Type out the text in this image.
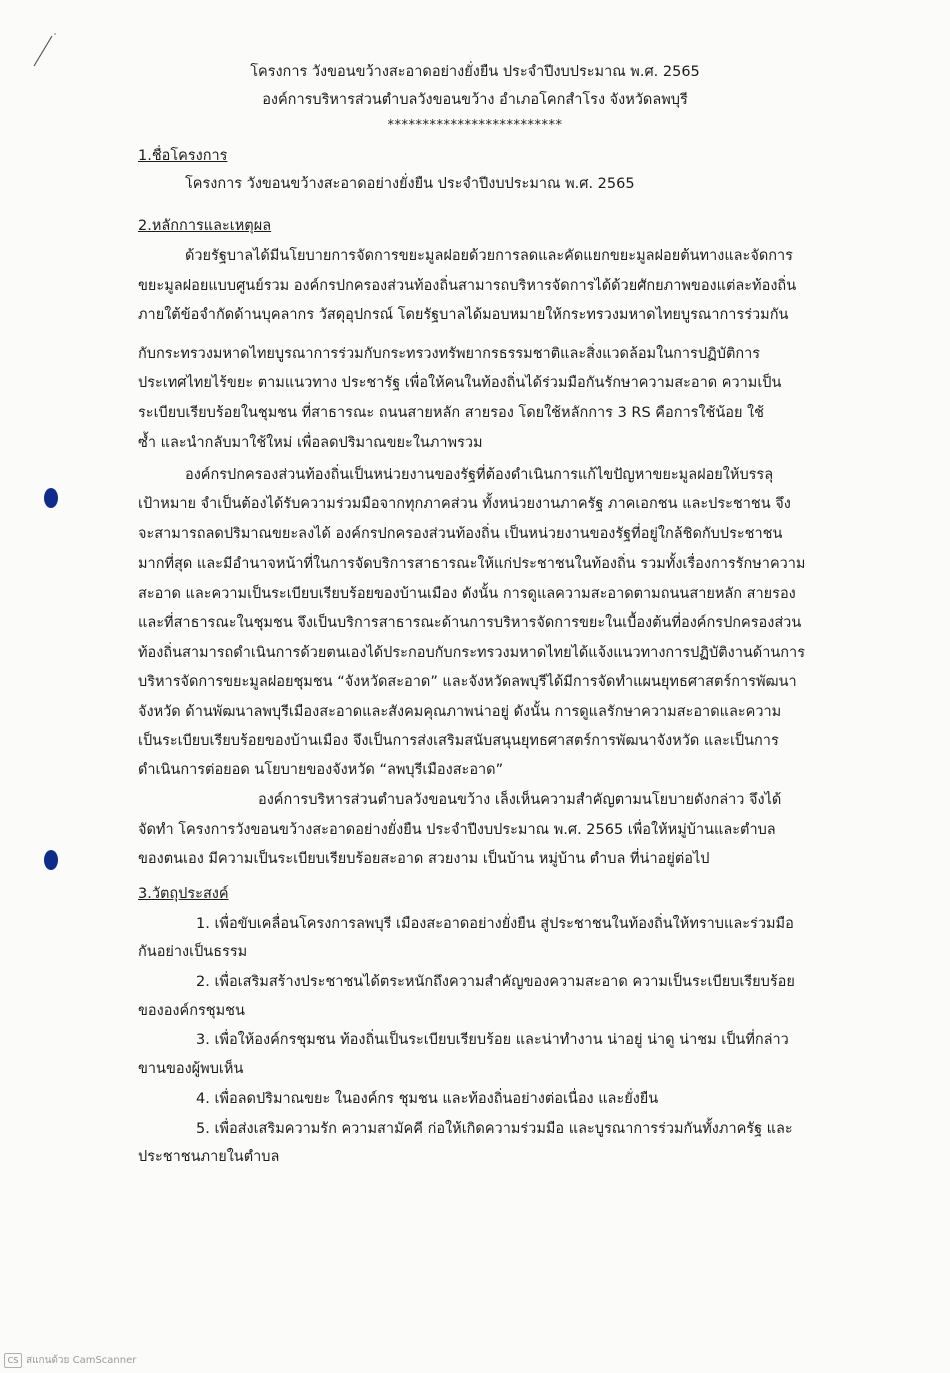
โครงการ วังขอนขว้างสะอาดอย่างยั่งยืน ประจำปีงบประมาณ พ.ศ. 2565
องค์การบริหารส่วนตำบลวังขอนขว้าง อำเภอโคกสำโรง จังหวัดลพบุรี
*************************
1.ชื่อโครงการ
โครงการ วังขอนขว้างสะอาดอย่างยั่งยืน ประจำปีงบประมาณ พ.ศ. 2565
2.หลักการและเหตุผล
ด้วยรัฐบาลได้มีนโยบายการจัดการขยะมูลฝอยด้วยการลดและคัดแยกขยะมูลฝอยต้นทางและจัดการ
ขยะมูลฝอยแบบศูนย์รวม องค์กรปกครองส่วนท้องถิ่นสามารถบริหารจัดการได้ด้วยศักยภาพของแต่ละท้องถิ่น
ภายใต้ข้อจำกัดด้านบุคลากร วัสดุอุปกรณ์ โดยรัฐบาลได้มอบหมายให้กระทรวงมหาดไทยบูรณาการร่วมกัน
กับกระทรวงมหาดไทยบูรณาการร่วมกับกระทรวงทรัพยากรธรรมชาติและสิ่งแวดล้อมในการปฏิบัติการ
ประเทศไทยไร้ขยะ ตามแนวทาง ประชารัฐ เพื่อให้คนในท้องถิ่นได้ร่วมมือกันรักษาความสะอาด ความเป็น
ระเบียบเรียบร้อยในชุมชน ที่สาธารณะ ถนนสายหลัก สายรอง โดยใช้หลักการ 3 RS คือการใช้น้อย ใช้
ซ้ำ และนำกลับมาใช้ใหม่ เพื่อลดปริมาณขยะในภาพรวม
องค์กรปกครองส่วนท้องถิ่นเป็นหน่วยงานของรัฐที่ต้องดำเนินการแก้ไขปัญหาขยะมูลฝอยให้บรรลุ
เป้าหมาย จำเป็นต้องได้รับความร่วมมือจากทุกภาคส่วน ทั้งหน่วยงานภาครัฐ ภาคเอกชน และประชาชน จึง
จะสามารถลดปริมาณขยะลงได้ องค์กรปกครองส่วนท้องถิ่น เป็นหน่วยงานของรัฐที่อยู่ใกล้ชิดกับประชาชน
มากที่สุด และมีอำนาจหน้าที่ในการจัดบริการสาธารณะให้แก่ประชาชนในท้องถิ่น รวมทั้งเรื่องการรักษาความ
สะอาด และความเป็นระเบียบเรียบร้อยของบ้านเมือง ดังนั้น การดูแลความสะอาดตามถนนสายหลัก สายรอง
และที่สาธารณะในชุมชน จึงเป็นบริการสาธารณะด้านการบริหารจัดการขยะในเบื้องต้นที่องค์กรปกครองส่วน
ท้องถิ่นสามารถดำเนินการด้วยตนเองได้ประกอบกับกระทรวงมหาดไทยได้แจ้งแนวทางการปฏิบัติงานด้านการ
บริหารจัดการขยะมูลฝอยชุมชน “จังหวัดสะอาด” และจังหวัดลพบุรีได้มีการจัดทำแผนยุทธศาสตร์การพัฒนา
จังหวัด ด้านพัฒนาลพบุรีเมืองสะอาดและสังคมคุณภาพน่าอยู่ ดังนั้น การดูแลรักษาความสะอาดและความ
เป็นระเบียบเรียบร้อยของบ้านเมือง จึงเป็นการส่งเสริมสนับสนุนยุทธศาสตร์การพัฒนาจังหวัด และเป็นการ
ดำเนินการต่อยอด นโยบายของจังหวัด “ลพบุรีเมืองสะอาด”
องค์การบริหารส่วนตำบลวังขอนขว้าง เล็งเห็นความสำคัญตามนโยบายดังกล่าว จึงได้
จัดทำ โครงการวังขอนขว้างสะอาดอย่างยั่งยืน ประจำปีงบประมาณ พ.ศ. 2565 เพื่อให้หมู่บ้านและตำบล
ของตนเอง มีความเป็นระเบียบเรียบร้อยสะอาด สวยงาม เป็นบ้าน หมู่บ้าน ตำบล ที่น่าอยู่ต่อไป
3.วัตถุประสงค์
1. เพื่อขับเคลื่อนโครงการลพบุรี เมืองสะอาดอย่างยั่งยืน สู่ประชาชนในท้องถิ่นให้ทราบและร่วมมือ
กันอย่างเป็นธรรม
2. เพื่อเสริมสร้างประชาชนได้ตระหนักถึงความสำคัญของความสะอาด ความเป็นระเบียบเรียบร้อย
ขององค์กรชุมชน
3. เพื่อให้องค์กรชุมชน ท้องถิ่นเป็นระเบียบเรียบร้อย และน่าทำงาน น่าอยู่ น่าดู น่าชม เป็นที่กล่าว
ขานของผู้พบเห็น
4. เพื่อลดปริมาณขยะ ในองค์กร ชุมชน และท้องถิ่นอย่างต่อเนื่อง และยั่งยืน
5. เพื่อส่งเสริมความรัก ความสามัคคี ก่อให้เกิดความร่วมมือ และบูรณาการร่วมกันทั้งภาครัฐ และ
ประชาชนภายในตำบล
CS สแกนด้วย CamScanner
